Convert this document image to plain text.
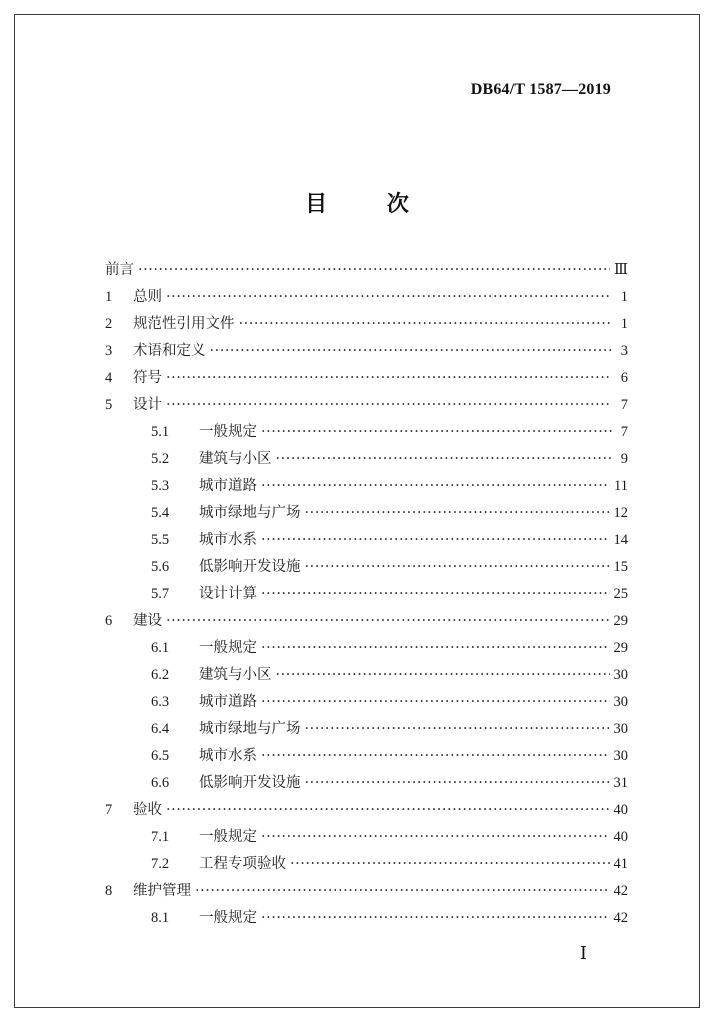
DB64/T 1587—2019
目	次
前言 ·····	Ⅲ
1	总则 ·····	1
2	规范性引用文件 ·····	1
3	术语和定义 ·····	3
4	符号 ·····	6
5	设计 ·····	7
5.1	一般规定 ·····	7
5.2	建筑与小区 ·····	9
5.3	城市道路 ·····	11
5.4	城市绿地与广场 ·····	12
5.5	城市水系 ·····	14
5.6	低影响开发设施 ·····	15
5.7	设计计算 ·····	25
6	建设 ·····	29
6.1	一般规定 ·····	29
6.2	建筑与小区 ·····	30
6.3	城市道路 ·····	30
6.4	城市绿地与广场 ·····	30
6.5	城市水系 ·····	30
6.6	低影响开发设施 ·····	31
7	验收 ·····	40
7.1	一般规定 ·····	40
7.2	工程专项验收 ·····	41
8	维护管理 ·····	42
8.1	一般规定 ·····	42
Ⅰ
